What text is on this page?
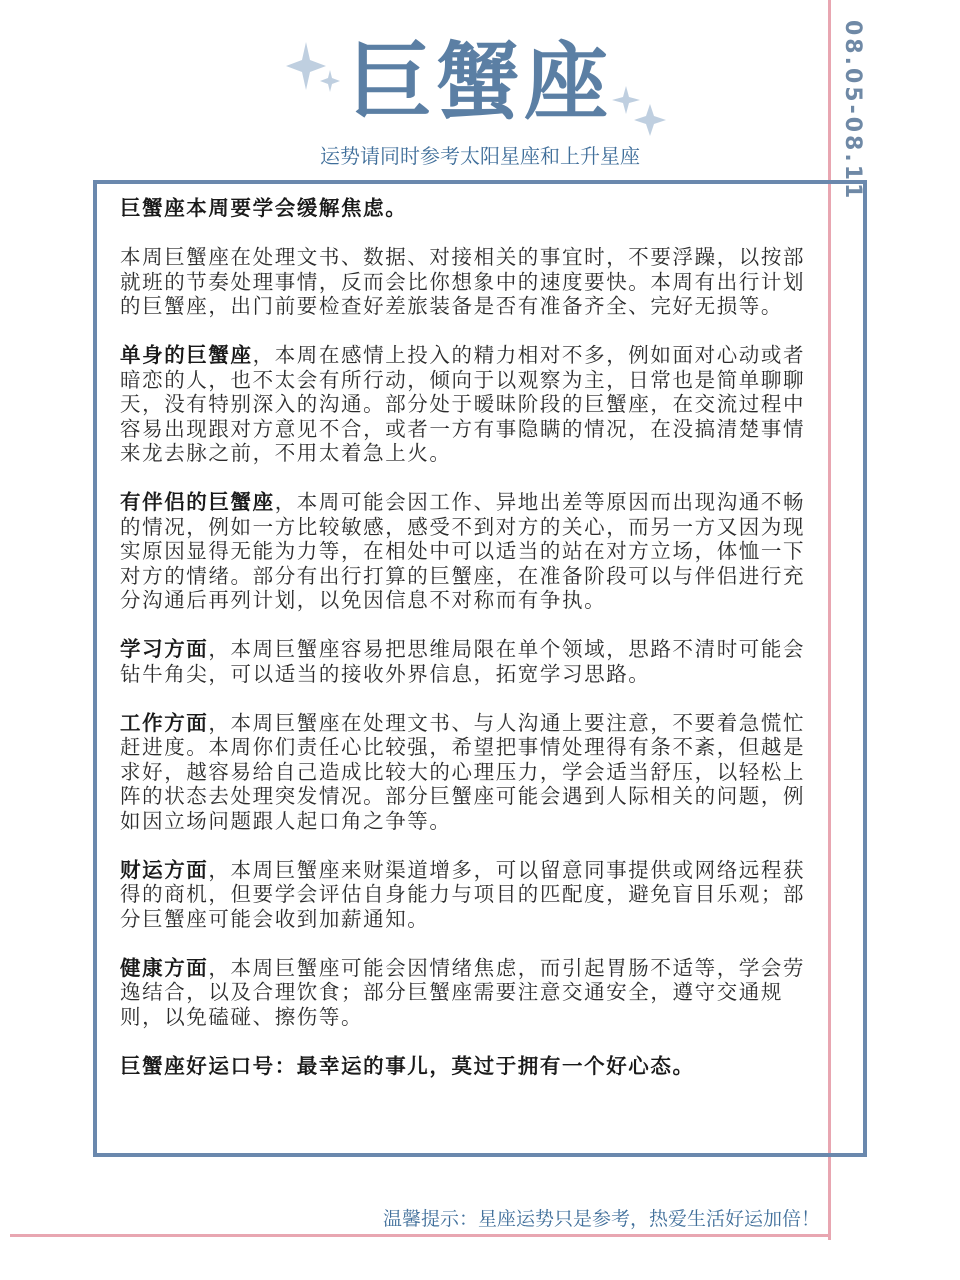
巨蟹座
运势请同时参考太阳星座和上升星座	08.05-08.11

巨蟹座本周要学会缓解焦虑。

本周巨蟹座在处理文书、数据、对接相关的事宜时，不要浮躁，以按部就班的节奏处理事情，反而会比你想象中的速度要快。本周有出行计划的巨蟹座，出门前要检查好差旅装备是否有准备齐全、完好无损等。

单身的巨蟹座，本周在感情上投入的精力相对不多，例如面对心动或者暗恋的人，也不太会有所行动，倾向于以观察为主，日常也是简单聊聊天，没有特别深入的沟通。部分处于暧昧阶段的巨蟹座，在交流过程中容易出现跟对方意见不合，或者一方有事隐瞒的情况，在没搞清楚事情来龙去脉之前，不用太着急上火。

有伴侣的巨蟹座，本周可能会因工作、异地出差等原因而出现沟通不畅的情况，例如一方比较敏感，感受不到对方的关心，而另一方又因为现实原因显得无能为力等，在相处中可以适当的站在对方立场，体恤一下对方的情绪。部分有出行打算的巨蟹座，在准备阶段可以与伴侣进行充分沟通后再列计划，以免因信息不对称而有争执。

学习方面，本周巨蟹座容易把思维局限在单个领域，思路不清时可能会钻牛角尖，可以适当的接收外界信息，拓宽学习思路。

工作方面，本周巨蟹座在处理文书、与人沟通上要注意，不要着急慌忙赶进度。本周你们责任心比较强，希望把事情处理得有条不紊，但越是求好，越容易给自己造成比较大的心理压力，学会适当舒压，以轻松上阵的状态去处理突发情况。部分巨蟹座可能会遇到人际相关的问题，例如因立场问题跟人起口角之争等。

财运方面，本周巨蟹座来财渠道增多，可以留意同事提供或网络远程获得的商机，但要学会评估自身能力与项目的匹配度，避免盲目乐观；部分巨蟹座可能会收到加薪通知。

健康方面，本周巨蟹座可能会因情绪焦虑，而引起胃肠不适等，学会劳逸结合，以及合理饮食；部分巨蟹座需要注意交通安全，遵守交通规则，以免磕碰、擦伤等。

巨蟹座好运口号：最幸运的事儿，莫过于拥有一个好心态。

温馨提示：星座运势只是参考，热爱生活好运加倍！
